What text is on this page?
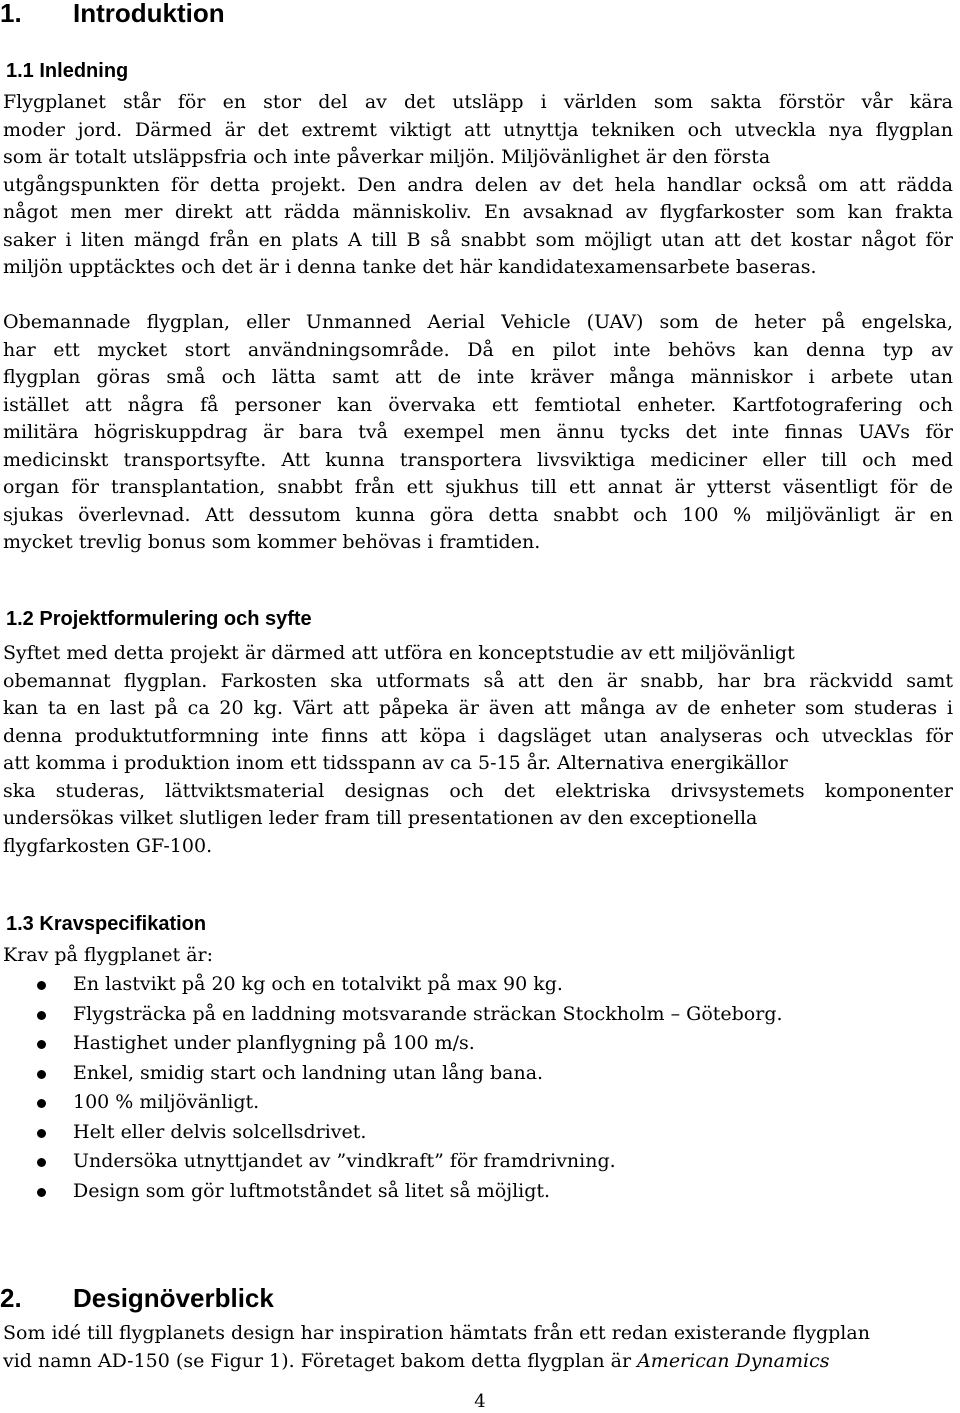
1. Introduktion
1.1 Inledning

Flygplanet står för en stor del av det utsläpp i världen som sakta förstör vår kära
moder jord. Därmed är det extremt viktigt att utnyttja tekniken och utveckla nya flygplan
som är totalt utsläppsfria och inte påverkar miljön. Miljövänlighet är den första
utgångspunkten för detta projekt. Den andra delen av det hela handlar också om att rädda
något men mer direkt att rädda människoliv. En avsaknad av flygfarkoster som kan frakta
saker i liten mängd från en plats A till B så snabbt som möjligt utan att det kostar något för
miljön upptäcktes och det är i denna tanke det här kandidatexamensarbete baseras.

Obemannade flygplan, eller Unmanned Aerial Vehicle (UAV) som de heter på engelska,
har ett mycket stort användningsområde. Då en pilot inte behövs kan denna typ av
flygplan göras små och lätta samt att de inte kräver många människor i arbete utan
istället att några få personer kan övervaka ett femtiotal enheter. Kartfotografering och
militära högriskuppdrag är bara två exempel men ännu tycks det inte finnas UAVs för
medicinskt transportsyfte. Att kunna transportera livsviktiga mediciner eller till och med
organ för transplantation, snabbt från ett sjukhus till ett annat är ytterst väsentligt för de
sjukas överlevnad. Att dessutom kunna göra detta snabbt och 100 % miljövänligt är en
mycket trevlig bonus som kommer behövas i framtiden.

1.2 Projektformulering och syfte

Syftet med detta projekt är därmed att utföra en konceptstudie av ett miljövänligt
obemannat flygplan. Farkosten ska utformats så att den är snabb, har bra räckvidd samt
kan ta en last på ca 20 kg. Värt att påpeka är även att många av de enheter som studeras i
denna produktutformning inte finns att köpa i dagsläget utan analyseras och utvecklas för
att komma i produktion inom ett tidsspann av ca 5-15 år. Alternativa energikällor
ska studeras, lättviktsmaterial designas och det elektriska drivsystemets komponenter
undersökas vilket slutligen leder fram till presentationen av den exceptionella
flygfarkosten GF-100.

1.3 Kravspecifikation

Krav på flygplanet är:

En lastvikt på 20 kg och en totalvikt på max 90 kg.
Flygsträcka på en laddning motsvarande sträckan Stockholm – Göteborg.
Hastighet under planflygning på 100 m/s.
Enkel, smidig start och landning utan lång bana.
100 % miljövänligt.
Helt eller delvis solcellsdrivet.
Undersöka utnyttjandet av ”vindkraft” för framdrivning.
Design som gör luftmotståndet så litet så möjligt.
2. Designöverblick

Som idé till flygplanets design har inspiration hämtats från ett redan existerande flygplan
vid namn AD-150 (se Figur 1). Företaget bakom detta flygplan är American Dynamics

4
